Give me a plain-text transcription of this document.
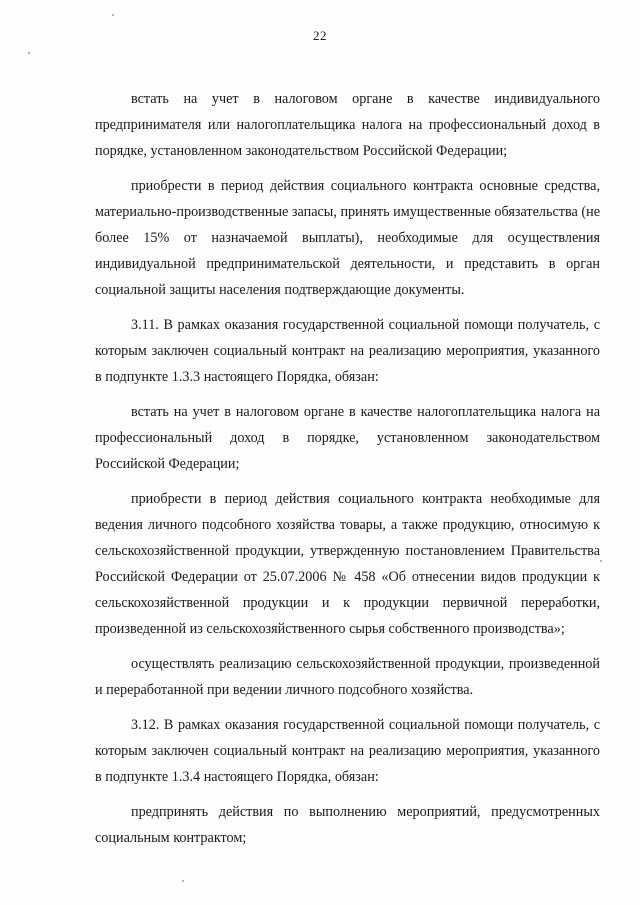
22

встать на учет в налоговом органе в качестве индивидуального предпринимателя или налогоплательщика налога на профессиональный доход в порядке, установленном законодательством Российской Федерации;

приобрести в период действия социального контракта основные средства, материально-производственные запасы, принять имущественные обязательства (не более 15% от назначаемой выплаты), необходимые для осуществления индивидуальной предпринимательской деятельности, и представить в орган социальной защиты населения подтверждающие документы.

3.11. В рамках оказания государственной социальной помощи получатель, с которым заключен социальный контракт на реализацию мероприятия, указанного в подпункте 1.3.3 настоящего Порядка, обязан:

встать на учет в налоговом органе в качестве налогоплательщика налога на профессиональный доход в порядке, установленном законодательством Российской Федерации;

приобрести в период действия социального контракта необходимые для ведения личного подсобного хозяйства товары, а также продукцию, относимую к сельскохозяйственной продукции, утвержденную постановлением Правительства Российской Федерации от 25.07.2006 № 458 «Об отнесении видов продукции к сельскохозяйственной продукции и к продукции первичной переработки, произведенной из сельскохозяйственного сырья собственного производства»;

осуществлять реализацию сельскохозяйственной продукции, произведенной и переработанной при ведении личного подсобного хозяйства.

3.12. В рамках оказания государственной социальной помощи получатель, с которым заключен социальный контракт на реализацию мероприятия, указанного в подпункте 1.3.4 настоящего Порядка, обязан:

предпринять действия по выполнению мероприятий, предусмотренных социальным контрактом;
